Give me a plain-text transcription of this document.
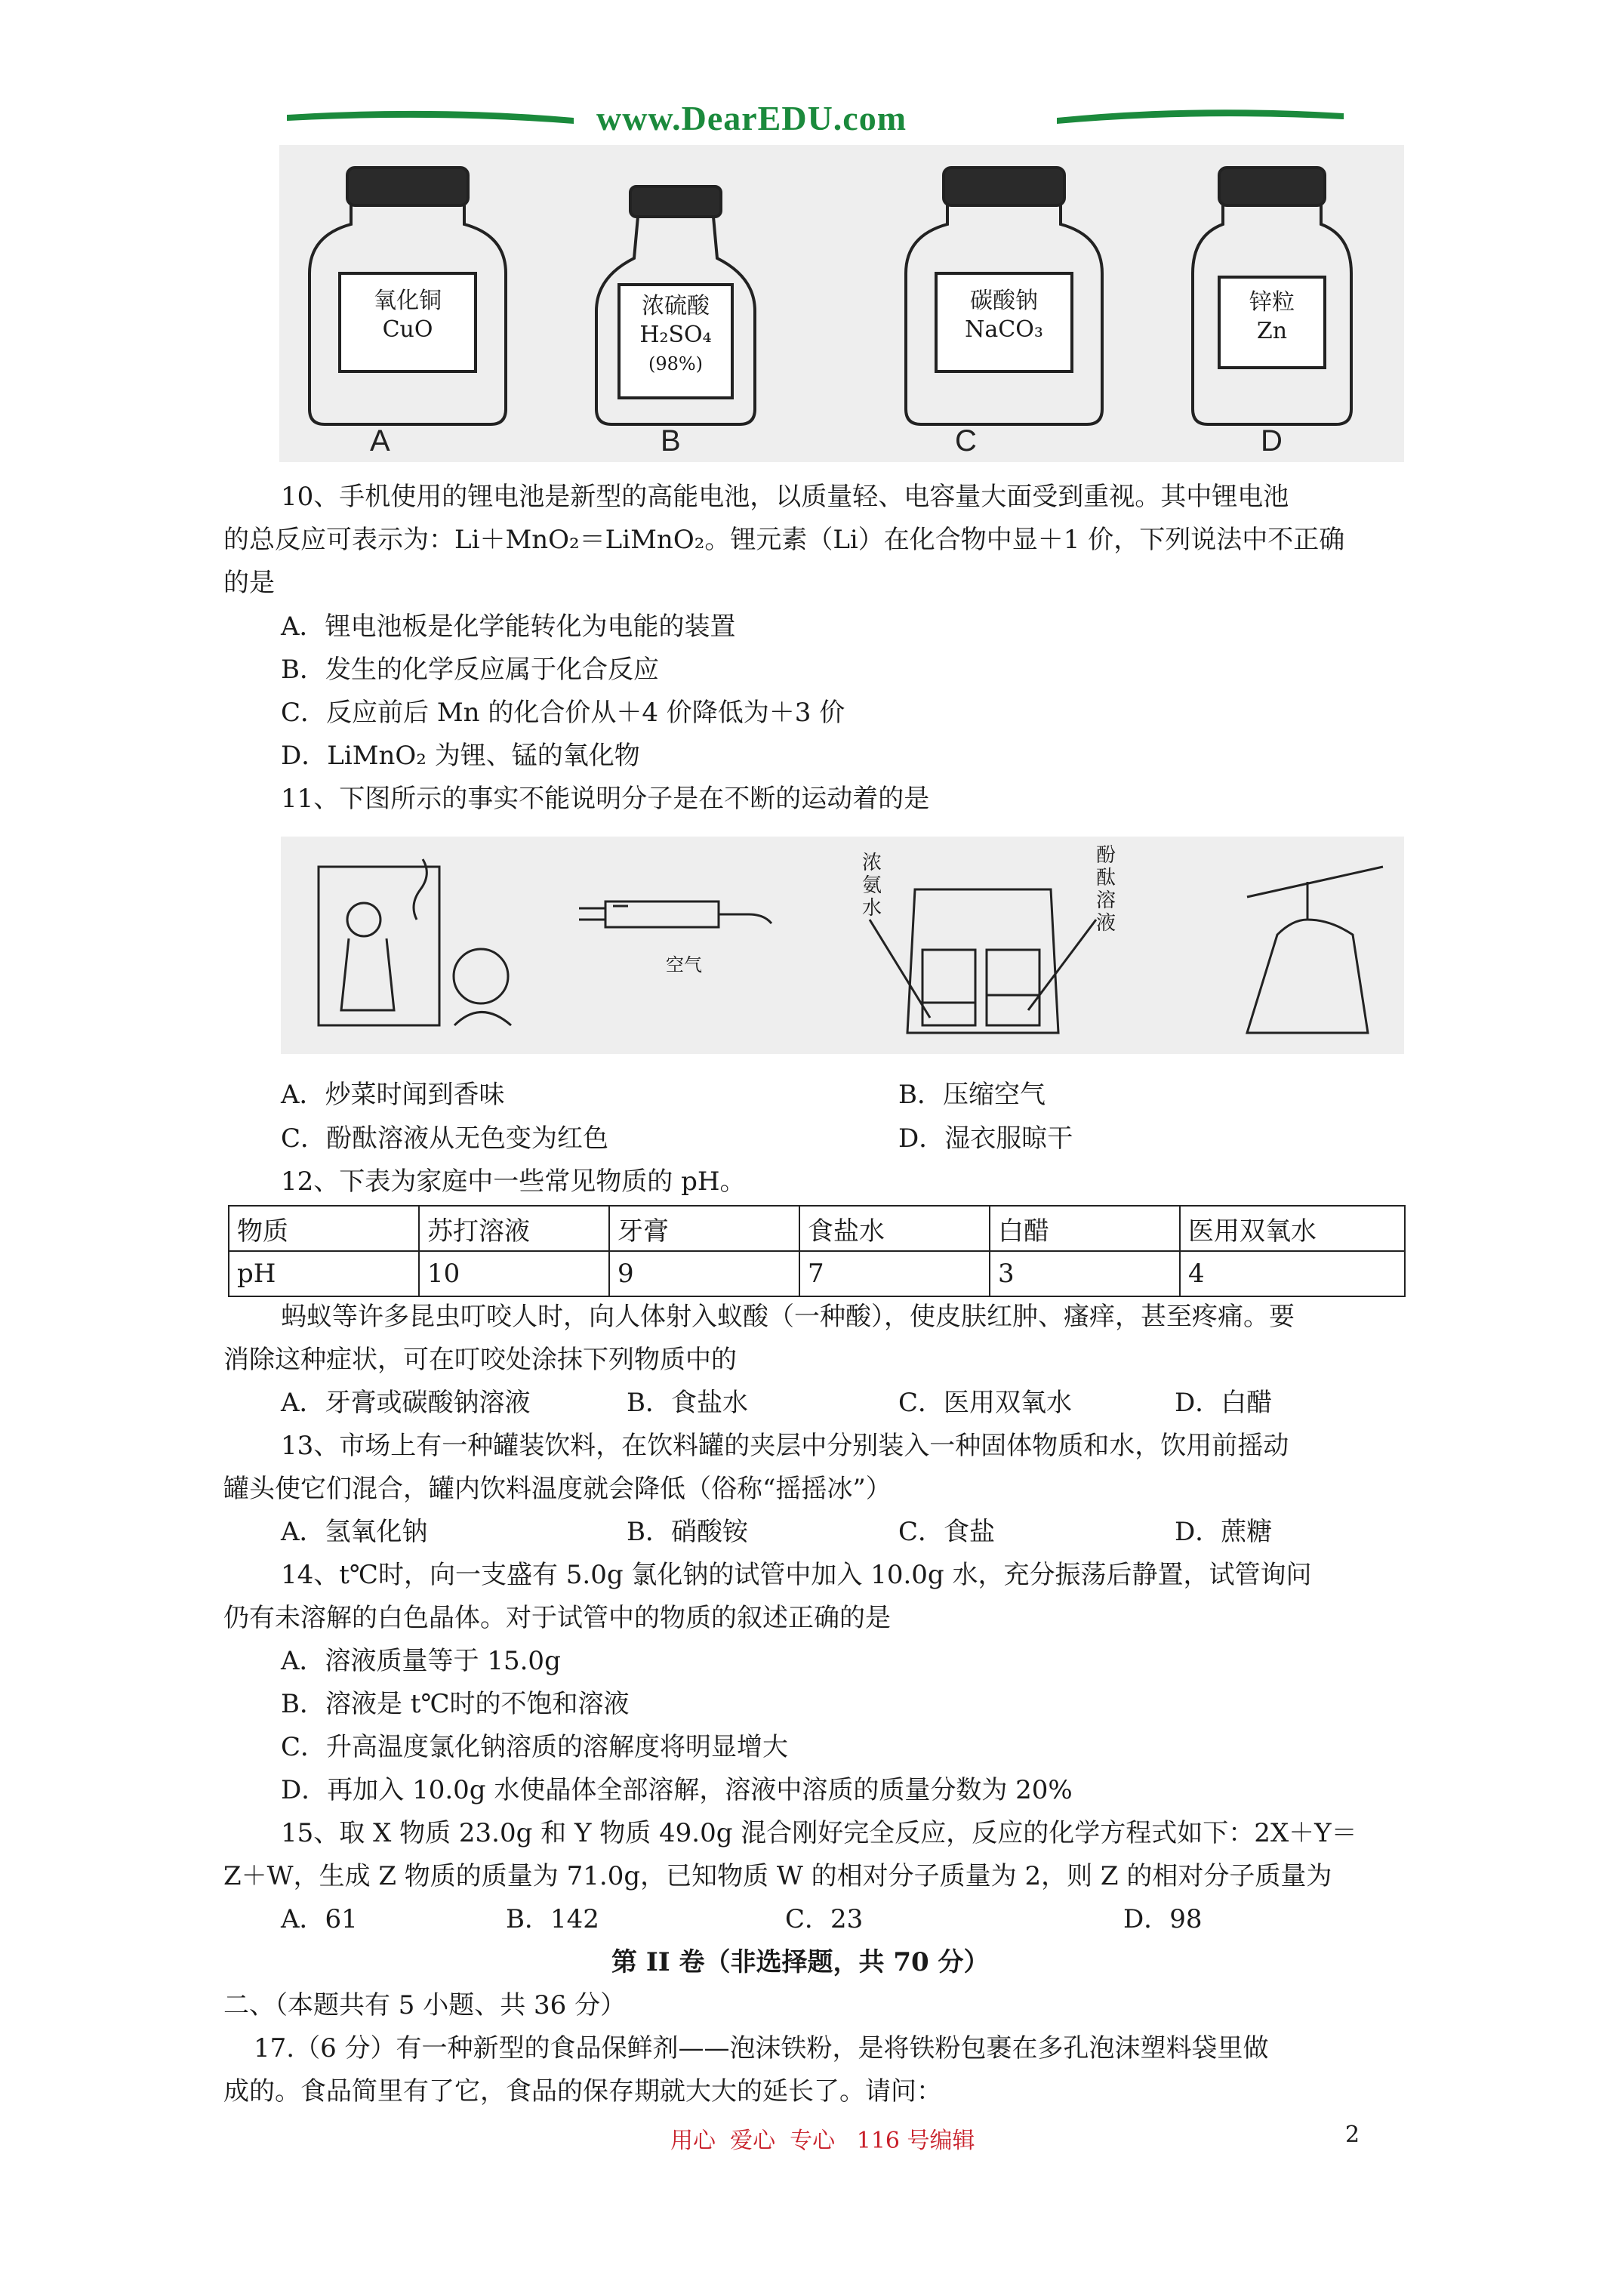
www.DearEDU.com
氧化铜
CuO
浓硫酸
H₂SO₄
(98%)
碳酸钠
NaCO₃
锌粒
Zn
A	B	C	D
10、手机使用的锂电池是新型的高能电池，以质量轻、电容量大面受到重视。其中锂电池
的总反应可表示为：Li＋MnO₂＝LiMnO₂。锂元素（Li）在化合物中显＋1 价，下列说法中不正确
的是
A．锂电池板是化学能转化为电能的装置
B．发生的化学反应属于化合反应
C．反应前后 Mn 的化合价从＋4 价降低为＋3 价
D．LiMnO₂ 为锂、锰的氧化物
11、下图所示的事实不能说明分子是在不断的运动着的是
空气
浓氨水
酚酞溶液
A．炒菜时闻到香味	B．压缩空气
C．酚酞溶液从无色变为红色	D．湿衣服晾干
12、下表为家庭中一些常见物质的 pH。
物质	苏打溶液	牙膏	食盐水	白醋	医用双氧水
pH	10	9	7	3	4
蚂蚁等许多昆虫叮咬人时，向人体射入蚁酸（一种酸），使皮肤红肿、瘙痒，甚至疼痛。要
消除这种症状，可在叮咬处涂抹下列物质中的
A．牙膏或碳酸钠溶液	B．食盐水	C．医用双氧水	D．白醋
13、市场上有一种罐装饮料，在饮料罐的夹层中分别装入一种固体物质和水，饮用前摇动
罐头使它们混合，罐内饮料温度就会降低（俗称“摇摇冰”）
A．氢氧化钠	B．硝酸铵	C．食盐	D．蔗糖
14、t℃时，向一支盛有 5.0g 氯化钠的试管中加入 10.0g 水，充分振荡后静置，试管询问
仍有未溶解的白色晶体。对于试管中的物质的叙述正确的是
A．溶液质量等于 15.0g
B．溶液是 t℃时的不饱和溶液
C．升高温度氯化钠溶质的溶解度将明显增大
D．再加入 10.0g 水使晶体全部溶解，溶液中溶质的质量分数为 20%
15、取 X 物质 23.0g 和 Y 物质 49.0g 混合刚好完全反应，反应的化学方程式如下：2X＋Y＝
Z＋W，生成 Z 物质的质量为 71.0g，已知物质 W 的相对分子质量为 2，则 Z 的相对分子质量为
A．61	B．142	C．23	D．98
第 II 卷（非选择题，共 70 分）
二、（本题共有 5 小题、共 36 分）
17.（6 分）有一种新型的食品保鲜剂——泡沫铁粉，是将铁粉包裹在多孔泡沫塑料袋里做
成的。食品简里有了它，食品的保存期就大大的延长了。请问：
用心  爱心  专心   116 号编辑	2
